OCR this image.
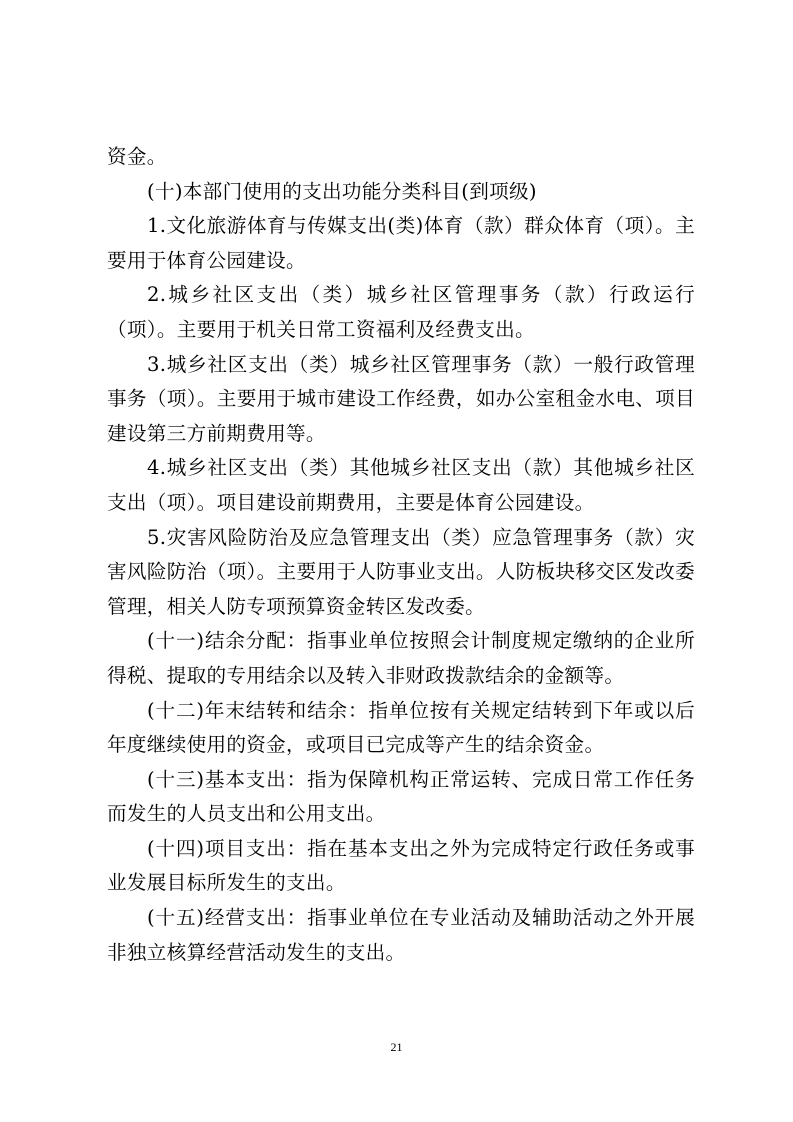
资金。

(十)本部门使用的支出功能分类科目(到项级)

1.文化旅游体育与传媒支出(类)体育（款）群众体育（项）。主要用于体育公园建设。

2.城乡社区支出（类）城乡社区管理事务（款）行政运行（项）。主要用于机关日常工资福利及经费支出。

3.城乡社区支出（类）城乡社区管理事务（款）一般行政管理事务（项）。主要用于城市建设工作经费，如办公室租金水电、项目建设第三方前期费用等。

4.城乡社区支出（类）其他城乡社区支出（款）其他城乡社区支出（项）。项目建设前期费用，主要是体育公园建设。

5.灾害风险防治及应急管理支出（类）应急管理事务（款）灾害风险防治（项）。主要用于人防事业支出。人防板块移交区发改委管理，相关人防专项预算资金转区发改委。

(十一)结余分配：指事业单位按照会计制度规定缴纳的企业所得税、提取的专用结余以及转入非财政拨款结余的金额等。

(十二)年末结转和结余：指单位按有关规定结转到下年或以后年度继续使用的资金，或项目已完成等产生的结余资金。

(十三)基本支出：指为保障机构正常运转、完成日常工作任务而发生的人员支出和公用支出。

(十四)项目支出：指在基本支出之外为完成特定行政任务或事业发展目标所发生的支出。

(十五)经营支出：指事业单位在专业活动及辅助活动之外开展非独立核算经营活动发生的支出。

21
